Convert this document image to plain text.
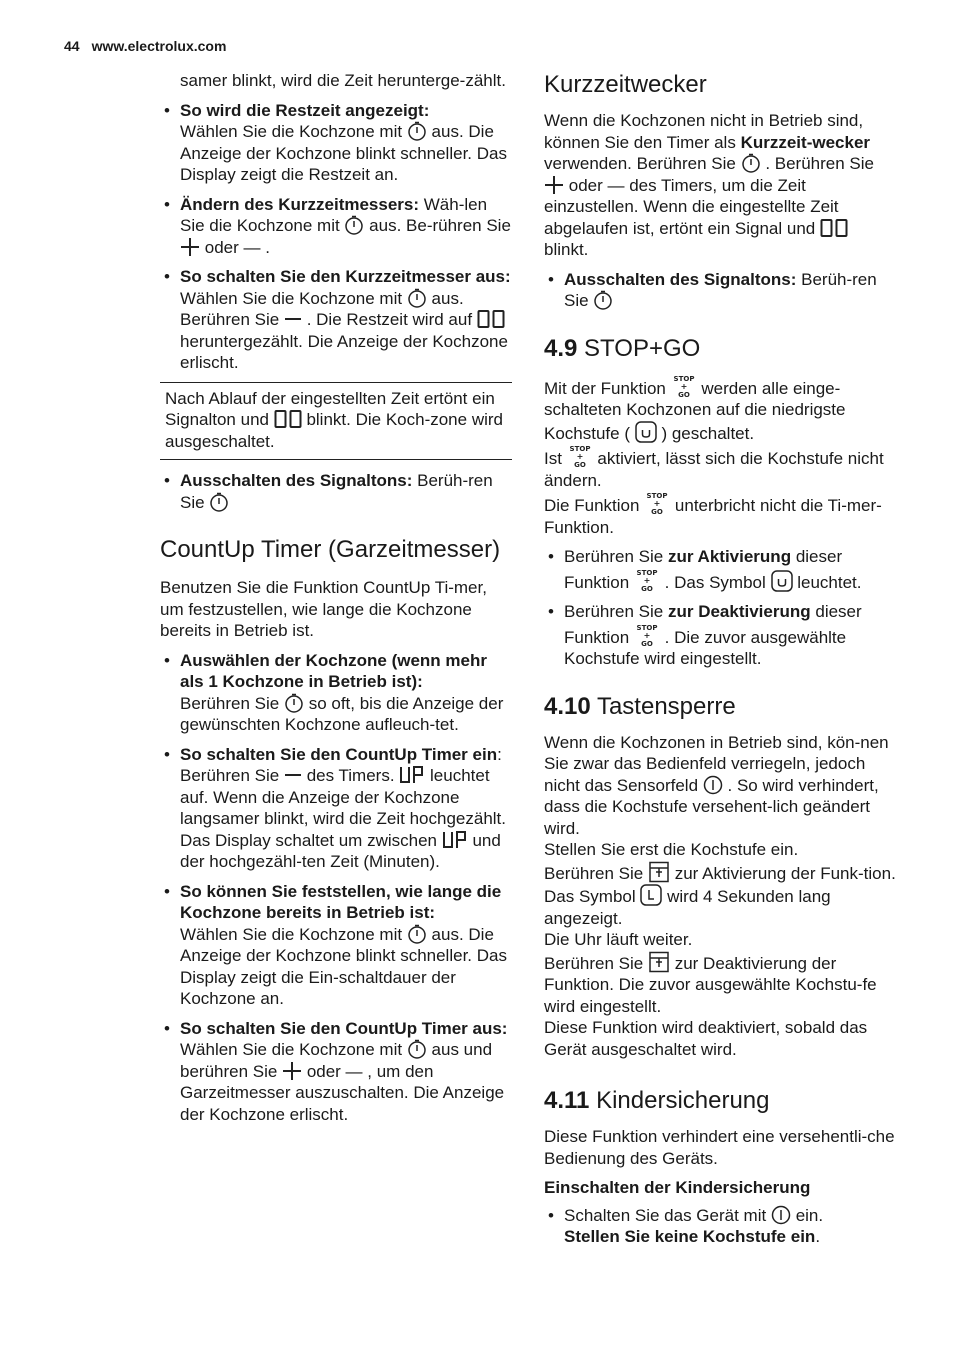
44 www.electrolux.com

samer blinkt, wird die Zeit herunterge-zählt.

• So wird die Restzeit angezeigt:
Wählen Sie die Kochzone mit aus. Die Anzeige der Kochzone blinkt schneller. Das Display zeigt die Restzeit an.
• Ändern des Kurzzeitmessers: Wäh-len Sie die Kochzone mit aus. Be-rühren Sie  oder — .
• So schalten Sie den Kurzzeitmesser aus: Wählen Sie die Kochzone mit aus. Berühren Sie . Die Restzeit wird auf  heruntergezählt. Die Anzeige der Kochzone erlischt.

Nach Ablauf der eingestellten Zeit ertönt ein Signalton und blinkt. Die Koch-zone wird ausgeschaltet.

• Ausschalten des Signaltons: Berüh-ren Sie
CountUp Timer (Garzeitmesser)

Benutzen Sie die Funktion CountUp Ti-mer, um festzustellen, wie lange die Kochzone bereits in Betrieb ist.

• Auswählen der Kochzone (wenn mehr als 1 Kochzone in Betrieb ist):
Berühren Sie so oft, bis die Anzeige der gewünschten Kochzone aufleuch-tet.
• So schalten Sie den CountUp Timer ein: Berühren Sie des Timers. leuchtet auf. Wenn die Anzeige der Kochzone langsamer blinkt, wird die Zeit hochgezählt. Das Display schaltet um zwischen und der hochgezähl-ten Zeit (Minuten).
• So können Sie feststellen, wie lange die Kochzone bereits in Betrieb ist:
Wählen Sie die Kochzone mit aus. Die Anzeige der Kochzone blinkt schneller. Das Display zeigt die Ein-schaltdauer der Kochzone an.
• So schalten Sie den CountUp Timer aus: Wählen Sie die Kochzone mit aus und berühren Sie oder — , um den Garzeitmesser auszuschalten. Die Anzeige der Kochzone erlischt.
Kurzzeitwecker

Wenn die Kochzonen nicht in Betrieb sind, können Sie den Timer als Kurzzeit-wecker verwenden. Berühren Sie . Berühren Sie  oder — des Timers, um die Zeit einzustellen. Wenn die eingestellte Zeit abgelaufen ist, ertönt ein Signal und  blinkt.

• Ausschalten des Signaltons: Berüh-ren Sie
4.9 STOP+GO

Mit der Funktion STOP
+
GO werden alle einge-schalteten Kochzonen auf die niedrigste Kochstufe ( ) geschaltet.

Ist STOP
+
GO aktiviert, lässt sich die Kochstufe nicht ändern.

Die Funktion STOP
+
GO unterbricht nicht die Ti-mer-Funktion.

• Berühren Sie zur Aktivierung dieser Funktion STOP
+
GO . Das Symbol leuchtet.
• Berühren Sie zur Deaktivierung dieser Funktion STOP
+
GO . Die zuvor ausgewählte Kochstufe wird eingestellt.
4.10 Tastensperre

Wenn die Kochzonen in Betrieb sind, kön-nen Sie zwar das Bedienfeld verriegeln, jedoch nicht das Sensorfeld . So wird verhindert, dass die Kochstufe versehent-lich geändert wird.

Stellen Sie erst die Kochstufe ein.

Berühren Sie zur Aktivierung der Funk-tion. Das Symbol wird 4 Sekunden lang angezeigt.

Die Uhr läuft weiter.

Berühren Sie zur Deaktivierung der Funktion. Die zuvor ausgewählte Kochstu-fe wird eingestellt.

Diese Funktion wird deaktiviert, sobald das Gerät ausgeschaltet wird.

4.11 Kindersicherung

Diese Funktion verhindert eine versehentli-che Bedienung des Geräts.

Einschalten der Kindersicherung
• Schalten Sie das Gerät mit ein.
Stellen Sie keine Kochstufe ein.
